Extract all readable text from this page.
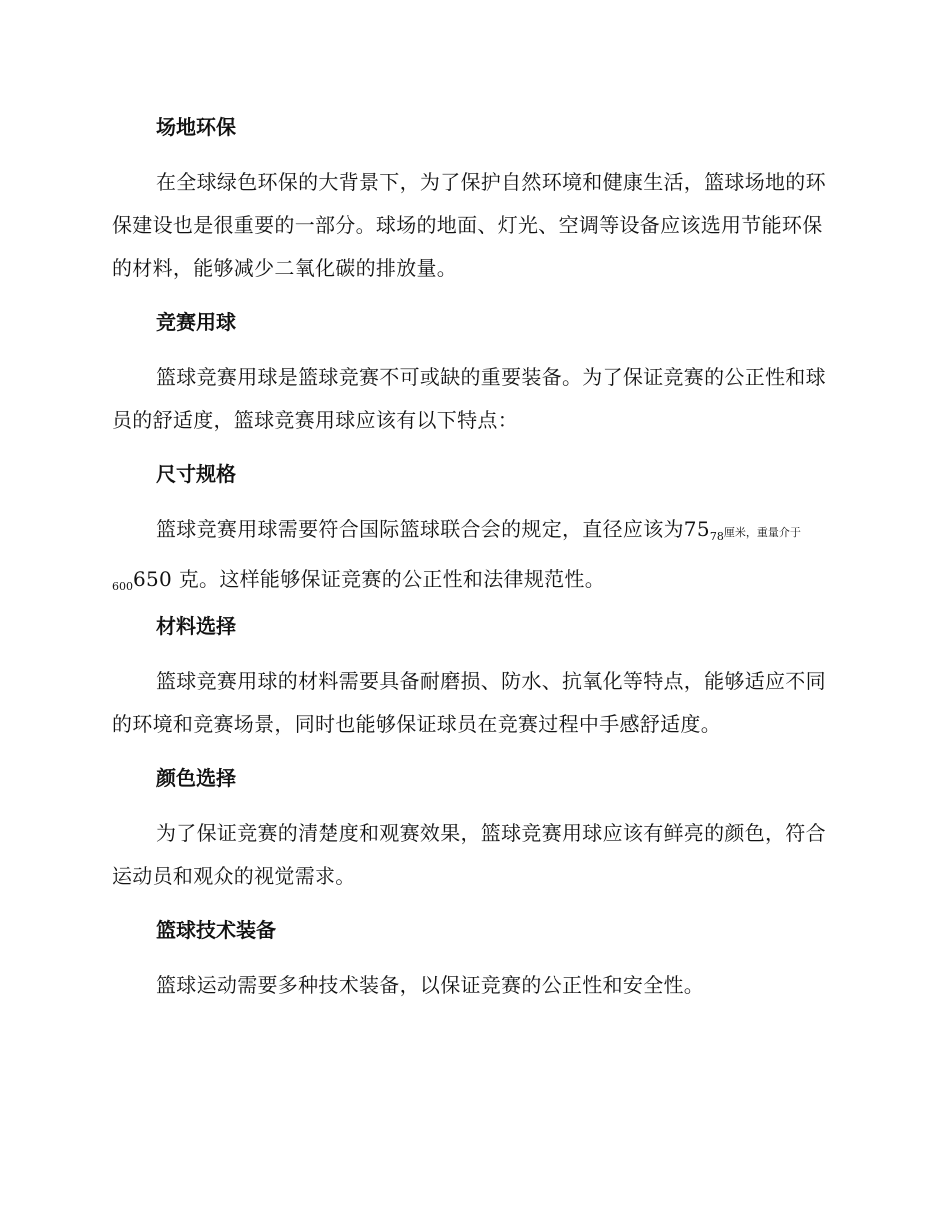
场地环保

在全球绿色环保的大背景下，为了保护自然环境和健康生活，篮球场地的环保建设也是很重要的一部分。球场的地面、灯光、空调等设备应该选用节能环保的材料，能够减少二氧化碳的排放量。

竞赛用球

篮球竞赛用球是篮球竞赛不可或缺的重要装备。为了保证竞赛的公正性和球员的舒适度，篮球竞赛用球应该有以下特点：

尺寸规格

篮球竞赛用球需要符合国际篮球联合会的规定，直径应该为$75_{78}$厘米，重量介于$_{600}$650 克。这样能够保证竞赛的公正性和法律规范性。

材料选择

篮球竞赛用球的材料需要具备耐磨损、防水、抗氧化等特点，能够适应不同的环境和竞赛场景，同时也能够保证球员在竞赛过程中手感舒适度。

颜色选择

为了保证竞赛的清楚度和观赛效果，篮球竞赛用球应该有鲜亮的颜色，符合运动员和观众的视觉需求。

篮球技术装备

篮球运动需要多种技术装备，以保证竞赛的公正性和安全性。
